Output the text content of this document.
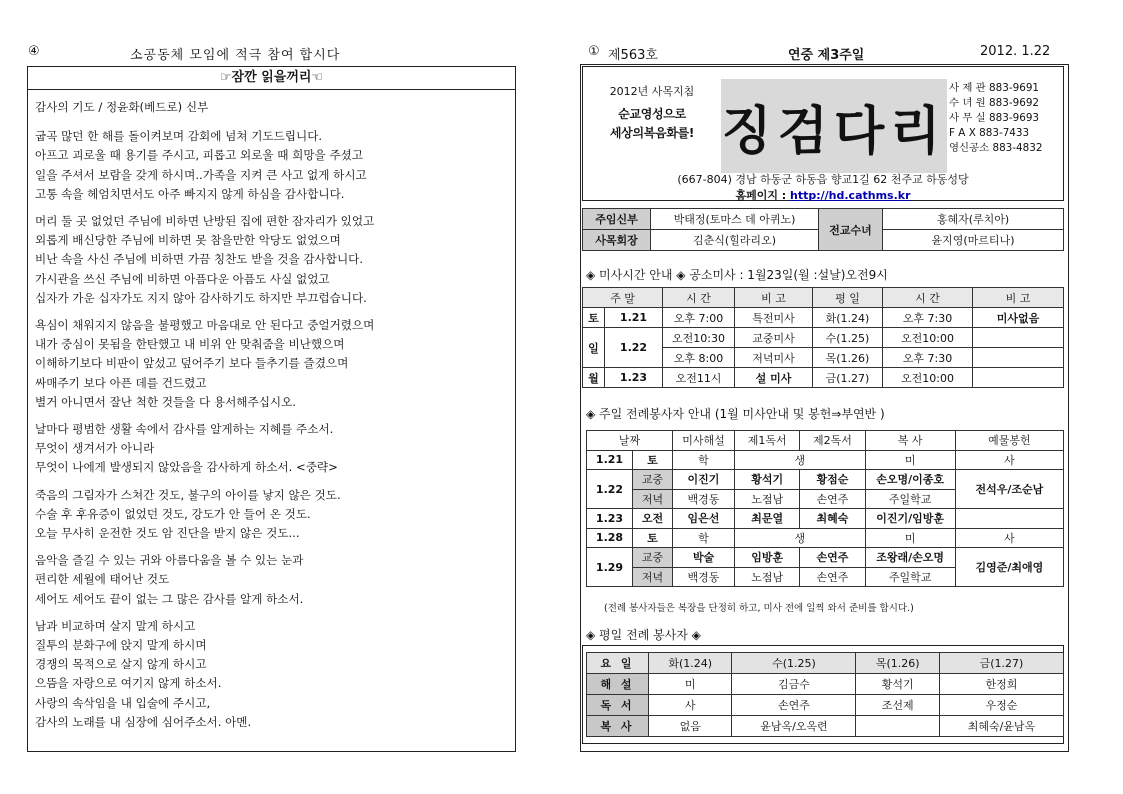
④	소공동체 모임에 적극 참여 합시다
☞잠깐 읽을꺼리☜
감사의 기도 / 정윤화(베드로) 신부
굽곡 많던 한 해를 돌이켜보며 감회에 넘쳐 기도드립니다.
아프고 괴로울 때 용기를 주시고, 피롭고 외로울 때 희망을 주셨고
일을 주셔서 보람을 갖게 하시며..가족을 지켜 큰 사고 없게 하시고
고통 속을 헤엄치면서도 아주 빠지지 않게 하심을 감사합니다.
머리 둘 곳 없었던 주님에 비하면 난방된 집에 편한 잠자리가 있었고
외롭게 배신당한 주님에 비하면 못 참을만한 악당도 없었으며
비난 속을 사신 주님에 비하면 가끔 칭찬도 받을 것을 감사합니다.
가시관을 쓰신 주님에 비하면 아픔다운 아픔도 사실 없었고
십자가 가운 십자가도 지지 않아 감사하기도 하지만 부끄럽습니다.
욕심이 채워지지 않음을 불평했고 마음대로 안 된다고 중얼거렸으며
내가 중심이 못됨을 한탄했고 내 비위 안 맞춰줌을 비난했으며
이해하기보다 비판이 앞섰고 덮어주기 보다 들추기를 즐겼으며
싸매주기 보다 아픈 데를 건드렸고
별거 아니면서 잘난 척한 것들을 다 용서해주십시오.
날마다 평범한 생활 속에서 감사를 알게하는 지혜를 주소서.
무엇이 생겨서가 아니라
무엇이 나에게 발생되지 않았음을 감사하게 하소서. <중략>
죽음의 그림자가 스쳐간 것도, 불구의 아이를 낳지 않은 것도.
수술 후 후유증이 없었던 것도, 강도가 안 들어 온 것도.
오늘 무사히 운전한 것도 암 진단을 받지 않은 것도...
음악을 즐길 수 있는 귀와 아름다움을 볼 수 있는 눈과
편리한 세월에 태어난 것도
세어도 세어도 끝이 없는 그 많은 감사를 알게 하소서.
남과 비교하며 살지 말게 하시고
질투의 분화구에 앉지 말게 하시며
경쟁의 목적으로 살지 않게 하시고
으뜸을 자랑으로 여기지 않게 하소서.
사랑의 속삭임을 내 입술에 주시고,
감사의 노래를 내 심장에 심어주소서. 아멘.
① 제563호	연중 제3주일	2012. 1.22
2012년 사목지침
순교영성으로
세상의복음화를! 징검다리
사 제 관 883-9691
수 녀 원 883-9692
사 무 실 883-9693
F A X 883-7433
영신공소 883-4832
(667-804) 경남 하동군 하동읍 향교1길 62 천주교 하동성당
홈페이지 : http://hd.cathms.kr
주임신부	박태정(토마스 데 아퀴노)	전교수녀	홍혜자(루치아)
사목회장	김춘식(힐라리오)		윤지영(마르티나)
◈ 미사시간 안내 ◈ 공소미사 : 1월23일(월 :설날)오전9시
주 말		시 간	비 고	평 일	시 간	비 고
토	1.21	오후 7:00	특전미사	화(1.24)	오후 7:30	미사없음
일	1.22	오전10:30	교중미사	수(1.25)	오전10:00	
		오후 8:00	저녁미사	목(1.26)	오후 7:30	
월	1.23	오전11시	설 미사	금(1.27)	오전10:00	
◈ 주일 전례봉사자 안내 (1월 미사안내 및 봉헌⇒부연반 )
날짜		미사해설	제1독서	제2독서	복 사	예물봉헌
1.21	토	학	생		미	사
1.22	교중	이진기	황석기	황점순	손오명/이종호	전석우/조순남
	저녁	백경동	노점남	손연주	주일학교	
1.23	오전	임은선	최문열	최혜숙	이진기/임방훈	
1.28	토	학	생		미	사
1.29	교중	박술	임방훈	손연주	조왕래/손오명	김영준/최애영
	저녁	백경동	노점남	손연주	주일학교	
(전례 봉사자들은 복장을 단정히 하고, 미사 전에 일찍 와서 준비를 합시다.)
◈ 평일 전례 봉사자 ◈
요 일	화(1.24)	수(1.25)	목(1.26)	금(1.27)
해 설	미	김금수	황석기	한정희
독 서	사	손연주	조선제	우정순
복 사	없음	윤남옥/오옥련		최혜숙/윤남옥
